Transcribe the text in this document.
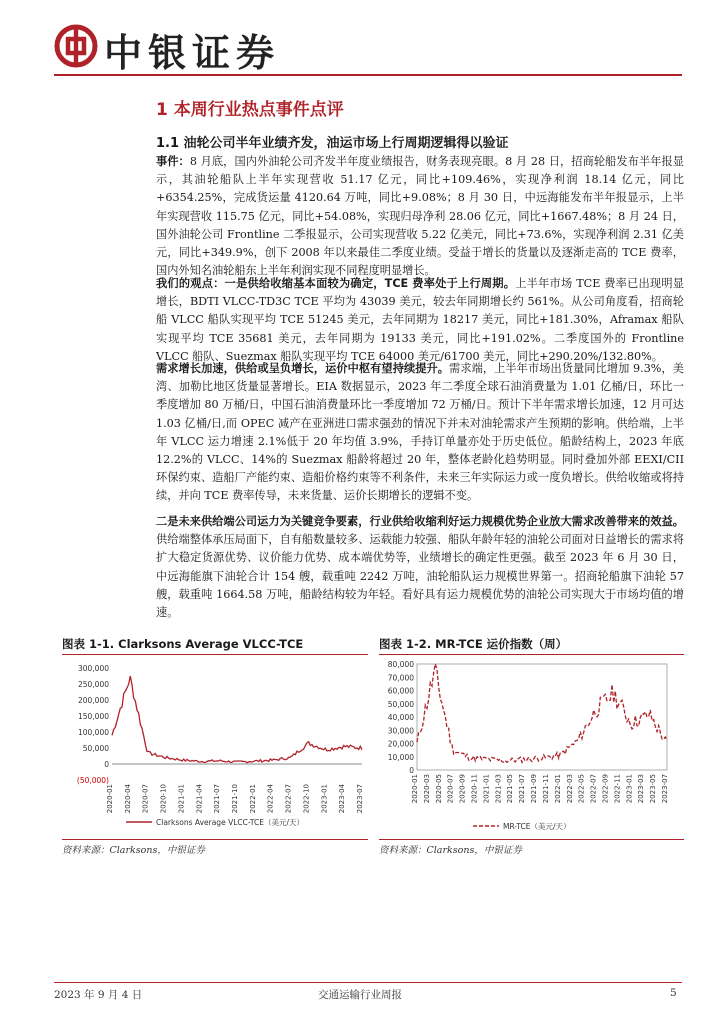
中银证券
1 本周行业热点事件点评
1.1 油轮公司半年业绩齐发，油运市场上行周期逻辑得以验证
事件：8 月底，国内外油轮公司齐发半年度业绩报告，财务表现亮眼。8 月 28 日，招商轮船发布半年报显示，其油轮船队上半年实现营收 51.17 亿元，同比+109.46%，实现净利润 18.14 亿元，同比+6354.25%，完成货运量 4120.64 万吨，同比+9.08%；8 月 30 日，中远海能发布半年报显示，上半年实现营收 115.75 亿元，同比+54.08%，实现归母净利 28.06 亿元，同比+1667.48%；8 月 24 日，国外油轮公司 Frontline 二季报显示，公司实现营收 5.22 亿美元，同比+73.6%，实现净利润 2.31 亿美元，同比+349.9%，创下 2008 年以来最佳二季度业绩。受益于增长的货量以及逐渐走高的 TCE 费率，国内外知名油轮船东上半年利润实现不同程度明显增长。
我们的观点：一是供给收缩基本面较为确定，TCE 费率处于上行周期。上半年市场 TCE 费率已出现明显增长，BDTI VLCC-TD3C TCE 平均为 43039 美元，较去年同期增长约 561%。从公司角度看，招商轮船 VLCC 船队实现平均 TCE 51245 美元，去年同期为 18217 美元，同比+181.30%，Aframax 船队实现平均 TCE 35681 美元，去年同期为 19133 美元，同比+191.02%。二季度国外的 Frontline VLCC 船队、Suezmax 船队实现平均 TCE 64000 美元/61700 美元，同比+290.20%/132.80%。
需求增长加速，供给或呈负增长，运价中枢有望持续提升。需求端，上半年市场出货量同比增加 9.3%，美湾、加勒比地区货量显著增长。EIA 数据显示，2023 年二季度全球石油消费量为 1.01 亿桶/日，环比一季度增加 80 万桶/日，中国石油消费量环比一季度增加 72 万桶/日。预计下半年需求增长加速，12 月可达 1.03 亿桶/日,而 OPEC 减产在亚洲进口需求强劲的情况下并未对油轮需求产生预期的影响。供给端，上半年 VLCC 运力增速 2.1%低于 20 年均值 3.9%，手持订单量亦处于历史低位。船龄结构上，2023 年底 12.2%的 VLCC、14%的 Suezmax 船龄将超过 20 年，整体老龄化趋势明显。同时叠加外部 EEXI/CII 环保约束、造船厂产能约束、造船价格约束等不利条件，未来三年实际运力或一度负增长。供给收缩或将持续，并向 TCE 费率传导，未来货量、运价长期增长的逻辑不变。
二是未来供给端公司运力为关键竞争要素，行业供给收缩利好运力规模优势企业放大需求改善带来的效益。供给端整体承压局面下，自有船数量较多、运载能力较强、船队年龄年轻的油轮公司面对日益增长的需求将扩大稳定货源优势、议价能力优势、成本端优势等，业绩增长的确定性更强。截至 2023 年 6 月 30 日，中远海能旗下油轮合计 154 艘，载重吨 2242 万吨，油轮船队运力规模世界第一。招商轮船旗下油轮 57 艘，载重吨 1664.58 万吨，船龄结构较为年轻。看好具有运力规模优势的油轮公司实现大于市场均值的增速。
图表 1-1. Clarksons Average VLCC-TCE
300,000
250,000
200,000
150,000
100,000
50,000
0
(50,000)
2020-01 2020-04 2020-07 2020-10 2021-01 2021-04 2021-07 2021-10 2022-01 2022-04 2022-07 2022-10 2023-01 2023-04 2023-07
Clarksons Average VLCC-TCE（美元/天）
资料来源：Clarksons，中银证券
图表 1-2. MR-TCE 运价指数（周）
80,000
70,000
60,000
50,000
40,000
30,000
20,000
10,000
0
2020-01 2020-03 2020-05 2020-07 2020-09 2020-11 2021-01 2021-03 2021-05 2021-07 2021-09 2021-11 2022-01 2022-03 2022-05 2022-07 2022-09 2022-11 2023-01 2023-03 2023-05 2023-07
MR-TCE（美元/天）
资料来源：Clarksons，中银证券
2023 年 9 月 4 日	交通运输行业周报	5
